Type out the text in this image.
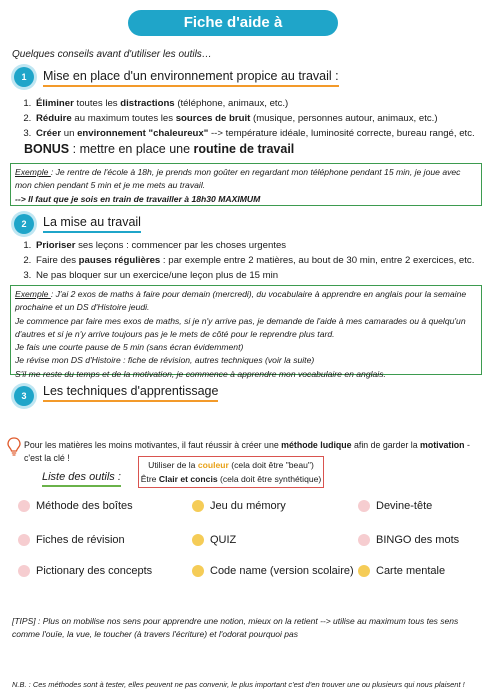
Fiche d'aide à l'apprentissage
Quelques conseils avant d'utiliser les outils…
1	Mise en place d'un environnement propice au travail :
1. Éliminer toutes les distractions (téléphone, animaux, etc.)
2. Réduire au maximum toutes les sources de bruit (musique, personnes autour, animaux, etc.)
3. Créer un environnement "chaleureux" --> température idéale, luminosité correcte, bureau rangé, etc.
BONUS : mettre en place une routine de travail
Exemple : Je rentre de l'école à 18h, je prends mon goûter en regardant mon téléphone pendant 15 min, je joue avec mon chien pendant 5 min et je me mets au travail.
--> Il faut que je sois en train de travailler à 18h30 MAXIMUM
2	La mise au travail
1. Prioriser ses leçons : commencer par les choses urgentes
2. Faire des pauses régulières : par exemple entre 2 matières, au bout de 30 min, entre 2 exercices, etc.
3. Ne pas bloquer sur un exercice/une leçon plus de 15 min
Exemple : J'ai 2 exos de maths à faire pour demain (mercredi), du vocabulaire à apprendre en anglais pour la semaine prochaine et un DS d'Histoire jeudi.
Je commence par faire mes exos de maths, si je n'y arrive pas, je demande de l'aide à mes camarades ou à quelqu'un d'autres et si je n'y arrive toujours pas je le mets de côté pour le reprendre plus tard.
Je fais une courte pause de 5 min (sans écran évidemment)
Je révise mon DS d'Histoire : fiche de révision, autres techniques (voir la suite)
S'il me reste du temps et de la motivation, je commence à apprendre mon vocabulaire en anglais.
3	Les techniques d'apprentissage
Pour les matières les moins motivantes, il faut réussir à créer une méthode ludique afin de garder la motivation - c'est la clé !
Utiliser de la couleur (cela doit être "beau")
Être Clair et concis (cela doit être synthétique)
Liste des outils :
Méthode des boîtes
Fiches de révision
Pictionary des concepts
Jeu du mémory
QUIZ
Code name (version scolaire)
Devine-tête
BINGO des mots
Carte mentale
[TIPS] : Plus on mobilise nos sens pour apprendre une notion, mieux on la retient --> utilise au maximum tous tes sens comme l'ouïe, la vue, le toucher (à travers l'écriture) et l'odorat pourquoi pas
N.B. : Ces méthodes sont à tester, elles peuvent ne pas convenir, le plus important c'est d'en trouver une ou plusieurs qui nous plaisent !
